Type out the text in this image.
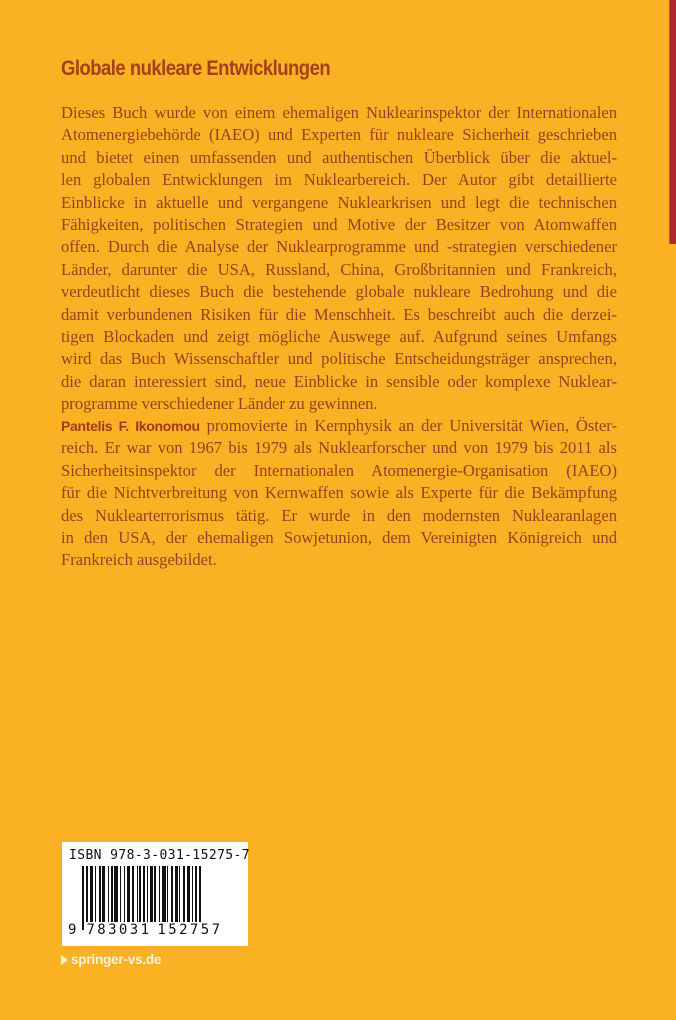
Globale nukleare Entwicklungen

Dieses Buch wurde von einem ehemaligen Nuklearinspektor der Internationalen
Atomenergiebehörde (IAEO) und Experten für nukleare Sicherheit geschrieben
und bietet einen umfassenden und authentischen Überblick über die aktuel-
len globalen Entwicklungen im Nuklearbereich. Der Autor gibt detaillierte
Einblicke in aktuelle und vergangene Nuklearkrisen und legt die technischen
Fähigkeiten, politischen Strategien und Motive der Besitzer von Atomwaffen
offen. Durch die Analyse der Nuklearprogramme und -strategien verschiedener
Länder, darunter die USA, Russland, China, Großbritannien und Frankreich,
verdeutlicht dieses Buch die bestehende globale nukleare Bedrohung und die
damit verbundenen Risiken für die Menschheit. Es beschreibt auch die derzei-
tigen Blockaden und zeigt mögliche Auswege auf. Aufgrund seines Umfangs
wird das Buch Wissenschaftler und politische Entscheidungsträger ansprechen,
die daran interessiert sind, neue Einblicke in sensible oder komplexe Nuklear-
programme verschiedener Länder zu gewinnen.

Pantelis F. Ikonomou promovierte in Kernphysik an der Universität Wien, Öster-
reich. Er war von 1967 bis 1979 als Nuklearforscher und von 1979 bis 2011 als
Sicherheitsinspektor der Internationalen Atomenergie-Organisation (IAEO)
für die Nichtverbreitung von Kernwaffen sowie als Experte für die Bekämpfung
des Nuklearterrorismus tätig. Er wurde in den modernsten Nuklearanlagen
in den USA, der ehemaligen Sowjetunion, dem Vereinigten Königreich und
Frankreich ausgebildet.

ISBN 978-3-031-15275-7
9 783031 152757
springer-vs.de
